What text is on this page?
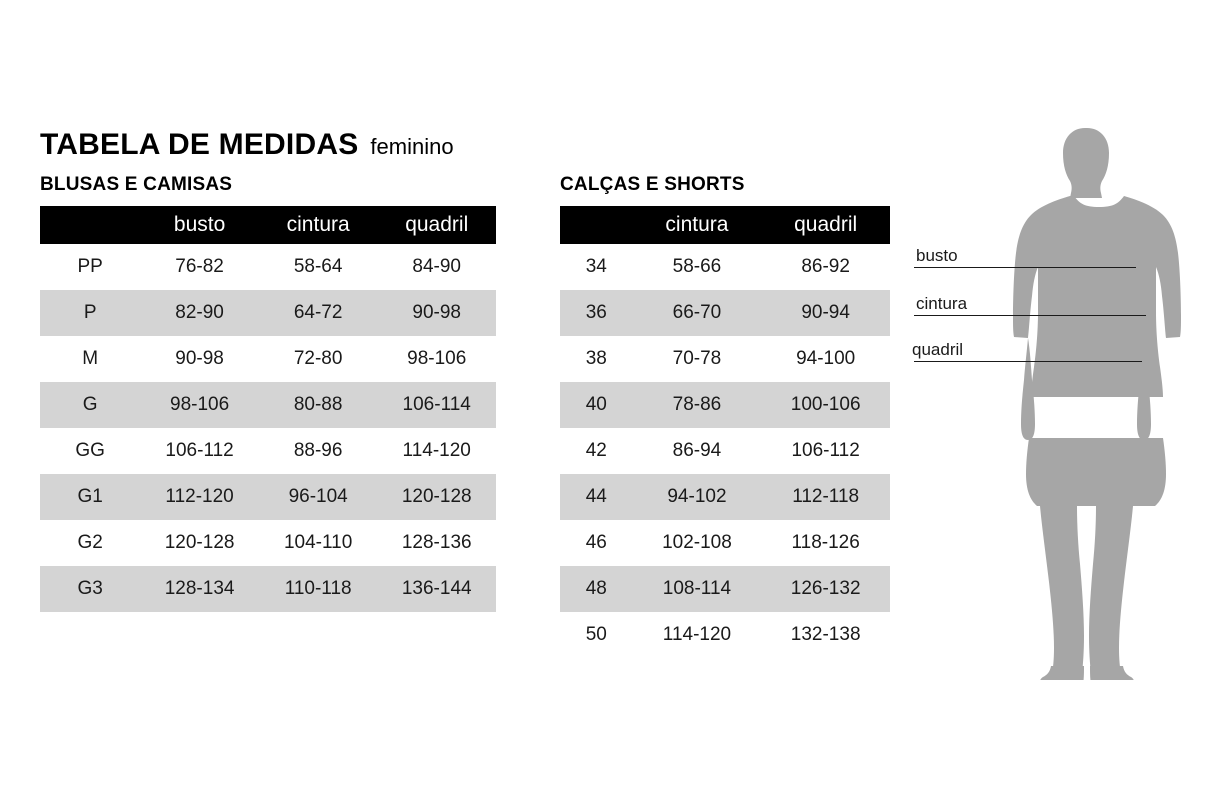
TABELA DE MEDIDAS feminino
BLUSAS E CAMISAS
	busto	cintura	quadril
PP	76-82	58-64	84-90
P	82-90	64-72	90-98
M	90-98	72-80	98-106
G	98-106	80-88	106-114
GG	106-112	88-96	114-120
G1	112-120	96-104	120-128
G2	120-128	104-110	128-136
G3	128-134	110-118	136-144
CALÇAS E SHORTS
	cintura	quadril
34	58-66	86-92
36	66-70	90-94
38	70-78	94-100
40	78-86	100-106
42	86-94	106-112
44	94-102	112-118
46	102-108	118-126
48	108-114	126-132
50	114-120	132-138
busto
cintura
quadril
